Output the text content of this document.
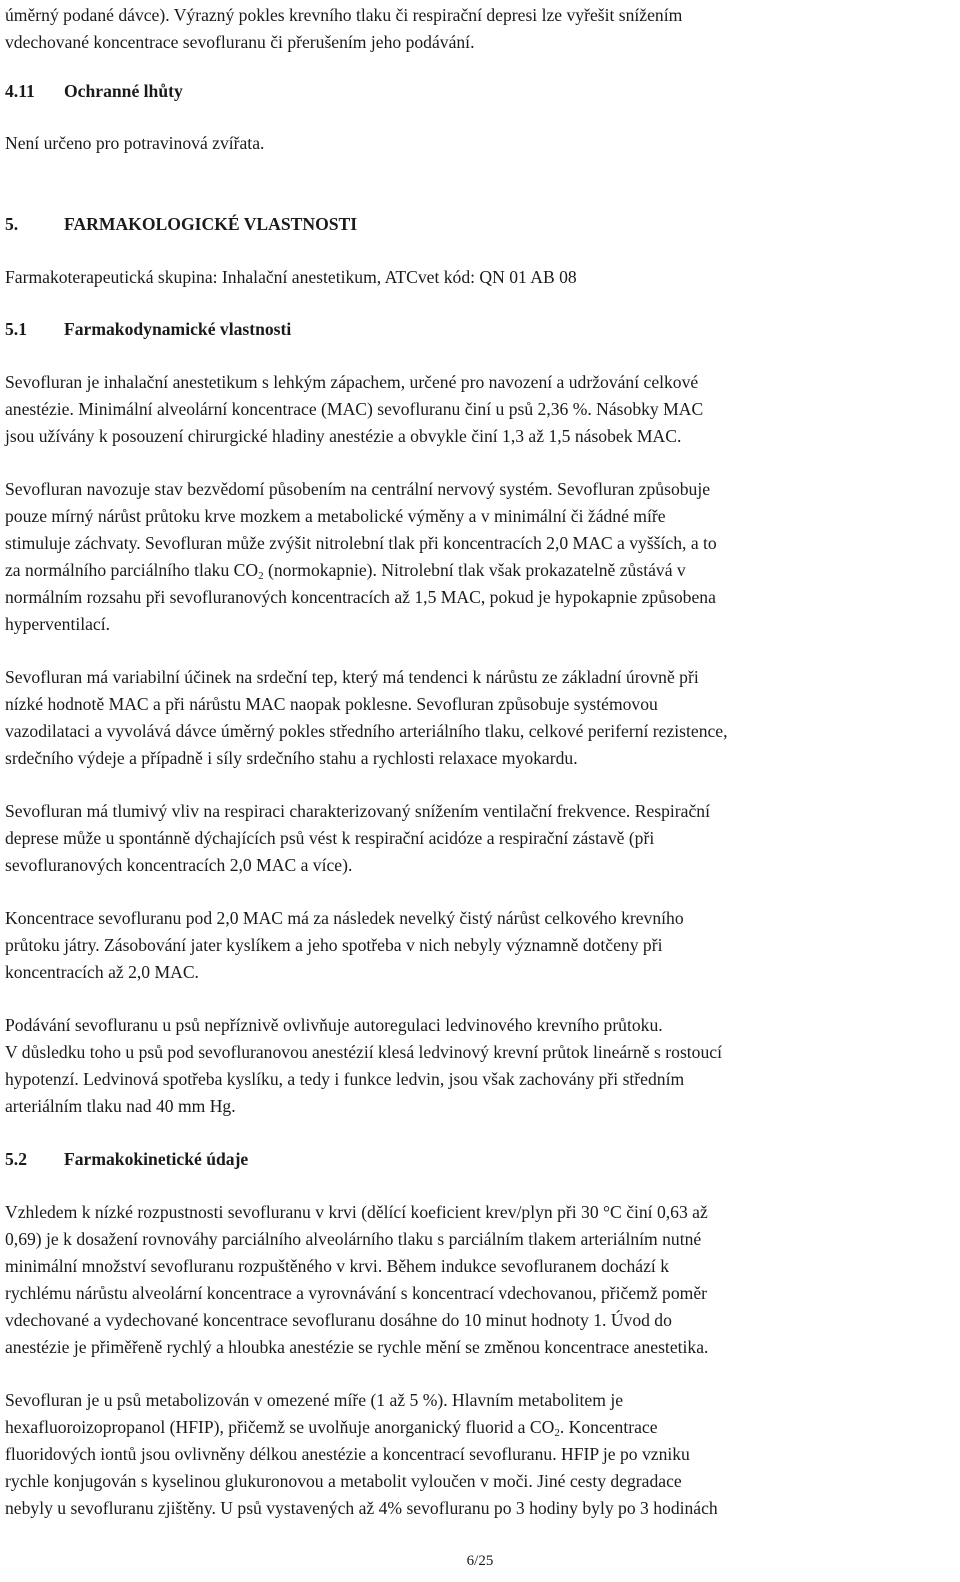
úměrný podané dávce). Výrazný pokles krevního tlaku či respirační depresi lze vyřešit snížením
vdechované koncentrace sevofluranu či přerušením jeho podávání.
4.11 Ochranné lhůty
Není určeno pro potravinová zvířata.
5.	FARMAKOLOGICKÉ VLASTNOSTI
Farmakoterapeutická skupina: Inhalační anestetikum, ATCvet kód: QN 01 AB 08
5.1 Farmakodynamické vlastnosti
Sevofluran je inhalační anestetikum s lehkým zápachem, určené pro navození a udržování celkové
anestézie. Minimální alveolární koncentrace (MAC) sevofluranu činí u psů 2,36 %. Násobky MAC
jsou užívány k posouzení chirurgické hladiny anestézie a obvykle činí 1,3 až 1,5 násobek MAC.
Sevofluran navozuje stav bezvědomí působením na centrální nervový systém. Sevofluran způsobuje
pouze mírný nárůst průtoku krve mozkem a metabolické výměny a v minimální či žádné míře
stimuluje záchvaty. Sevofluran může zvýšit nitrolební tlak při koncentracích 2,0 MAC a vyšších, a to
za normálního parciálního tlaku $CO_2$ (normokapnie). Nitrolební tlak však prokazatelně zůstává v
normálním rozsahu při sevofluranových koncentracích až 1,5 MAC, pokud je hypokapnie způsobena
hyperventilací.
Sevofluran má variabilní účinek na srdeční tep, který má tendenci k nárůstu ze základní úrovně při
nízké hodnotě MAC a při nárůstu MAC naopak poklesne. Sevofluran způsobuje systémovou
vazodilataci a vyvolává dávce úměrný pokles středního arteriálního tlaku, celkové periferní rezistence,
srdečního výdeje a případně i síly srdečního stahu a rychlosti relaxace myokardu.
Sevofluran má tlumivý vliv na respiraci charakterizovaný snížením ventilační frekvence. Respirační
deprese může u spontánně dýchajících psů vést k respirační acidóze a respirační zástavě (při
sevofluranových koncentracích 2,0 MAC a více).
Koncentrace sevofluranu pod 2,0 MAC má za následek nevelký čistý nárůst celkového krevního
průtoku játry. Zásobování jater kyslíkem a jeho spotřeba v nich nebyly významně dotčeny při
koncentracích až 2,0 MAC.
Podávání sevofluranu u psů nepříznivě ovlivňuje autoregulaci ledvinového krevního průtoku.
V důsledku toho u psů pod sevofluranovou anestézií klesá ledvinový krevní průtok lineárně s rostoucí
hypotenzí. Ledvinová spotřeba kyslíku, a tedy i funkce ledvin, jsou však zachovány při středním
arteriálním tlaku nad 40 mm Hg.
5.2 Farmakokinetické údaje
Vzhledem k nízké rozpustnosti sevofluranu v krvi (dělící koeficient krev/plyn při 30 °C činí 0,63 až
0,69) je k dosažení rovnováhy parciálního alveolárního tlaku s parciálním tlakem arteriálním nutné
minimální množství sevofluranu rozpuštěného v krvi. Během indukce sevofluranem dochází k
rychlému nárůstu alveolární koncentrace a vyrovnávání s koncentrací vdechovanou, přičemž poměr
vdechované a vydechované koncentrace sevofluranu dosáhne do 10 minut hodnoty 1. Úvod do
anestézie je přiměřeně rychlý a hloubka anestézie se rychle mění se změnou koncentrace anestetika.
Sevofluran je u psů metabolizován v omezené míře (1 až 5 %). Hlavním metabolitem je
hexafluoroizopropanol (HFIP), přičemž se uvolňuje anorganický fluorid a $CO_2$. Koncentrace
fluoridových iontů jsou ovlivněny délkou anestézie a koncentrací sevofluranu. HFIP je po vzniku
rychle konjugován s kyselinou glukuronovou a metabolit vyloučen v moči. Jiné cesty degradace
nebyly u sevofluranu zjištěny. U psů vystavených až 4% sevofluranu po 3 hodiny byly po 3 hodinách
6/25
